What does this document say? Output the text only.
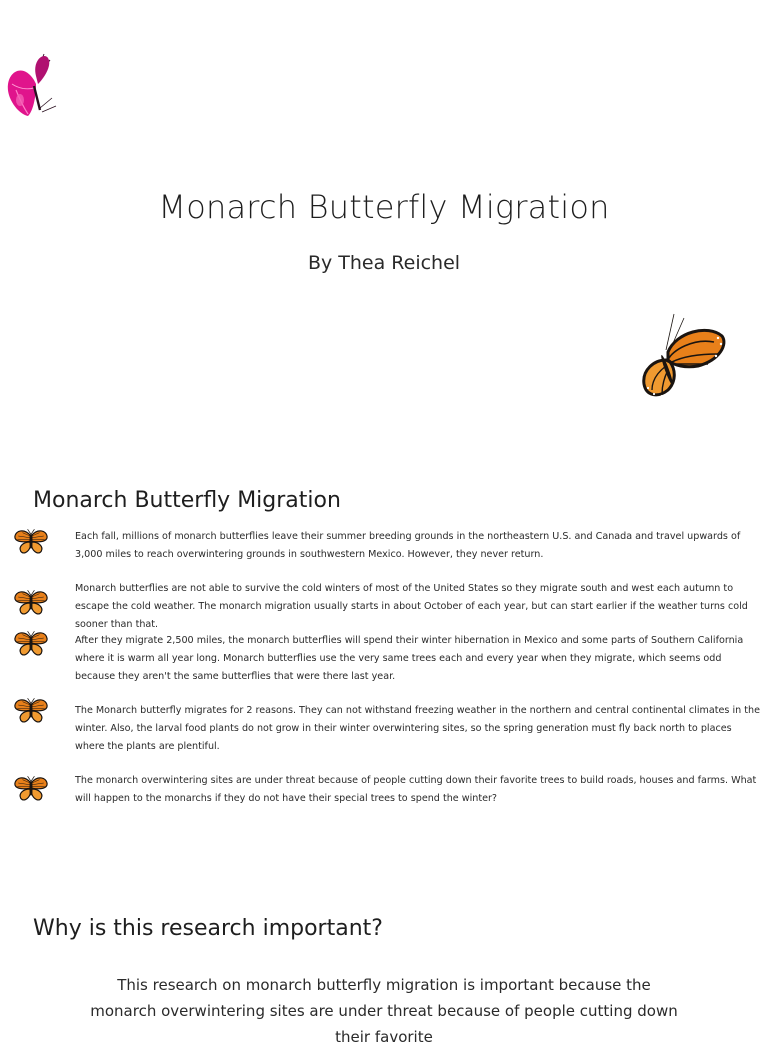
Monarch Butterfly Migration
By Thea Reichel
Monarch Butterfly Migration

Each fall, millions of monarch butterflies leave their summer breeding grounds in the northeastern U.S. and Canada and travel upwards of 3,000 miles to reach overwintering grounds in southwestern Mexico. However, they never return.

Monarch butterflies are not able to survive the cold winters of most of the United States so they migrate south and west each autumn to escape the cold weather. The monarch migration usually starts in about October of each year, but can start earlier if the weather turns cold sooner than that.

After they migrate 2,500 miles, the monarch butterflies will spend their winter hibernation in Mexico and some parts of Southern California where it is warm all year long. Monarch butterflies use the very same trees each and every year when they migrate, which seems odd because they aren't the same butterflies that were there last year.

The Monarch butterfly migrates for 2 reasons. They can not withstand freezing weather in the northern and central continental climates in the winter. Also, the larval food plants do not grow in their winter overwintering sites, so the spring generation must fly back north to places where the plants are plentiful.

The monarch overwintering sites are under threat because of people cutting down their favorite trees to build roads, houses and farms. What will happen to the monarchs if they do not have their special trees to spend the winter?

Why is this research important?
This research on monarch butterfly migration is important because the monarch overwintering sites are under threat because of people cutting down their favorite
